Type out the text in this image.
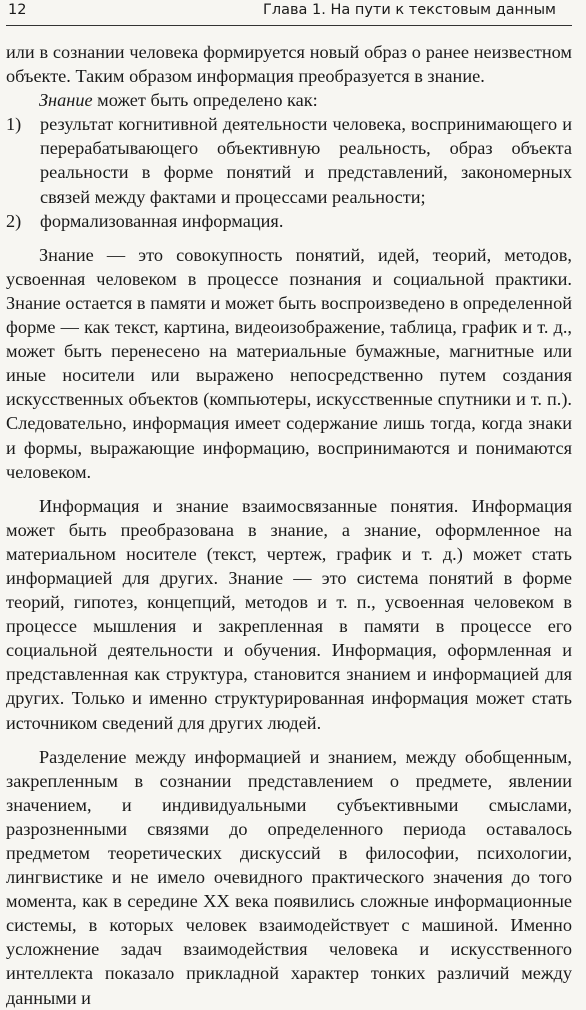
12	Глава 1. На пути к текстовым данным

или в сознании человека формируется новый образ о ранее неизвестном объекте. Таким образом информация преобразуется в знание.

Знание может быть определено как:

1)	результат когнитивной деятельности человека, воспринимающего и перерабатывающего объективную реальность, образ объекта реальности в форме понятий и представлений, закономерных связей между фактами и процессами реальности;
2)	формализованная информация.

Знание — это совокупность понятий, идей, теорий, методов, усвоенная человеком в процессе познания и социальной практики. Знание остается в памяти и может быть воспроизведено в определенной форме — как текст, картина, видеоизображение, таблица, график и т. д., может быть перенесено на материальные бумажные, магнитные или иные носители или выражено непосредственно путем создания искусственных объектов (компьютеры, искусственные спутники и т. п.). Следовательно, информация имеет содержание лишь тогда, когда знаки и формы, выражающие информацию, воспринимаются и понимаются человеком.

Информация и знание взаимосвязанные понятия. Информация может быть преобразована в знание, а знание, оформленное на материальном носителе (текст, чертеж, график и т. д.) может стать информацией для других. Знание — это система понятий в форме теорий, гипотез, концепций, методов и т. п., усвоенная человеком в процессе мышления и закрепленная в памяти в процессе его социальной деятельности и обучения. Информация, оформленная и представленная как структура, становится знанием и информацией для других. Только и именно структурированная информация может стать источником сведений для других людей.

Разделение между информацией и знанием, между обобщенным, закрепленным в сознании представлением о предмете, явлении значением, и индивидуальными субъективными смыслами, разрозненными связями до определенного периода оставалось предметом теоретических дискуссий в философии, психологии, лингвистике и не имело очевидного практического значения до того момента, как в середине XX века появились сложные информационные системы, в которых человек взаимодействует с машиной. Именно усложнение задач взаимодействия человека и искусственного интеллекта показало прикладной характер тонких различий между данными и
